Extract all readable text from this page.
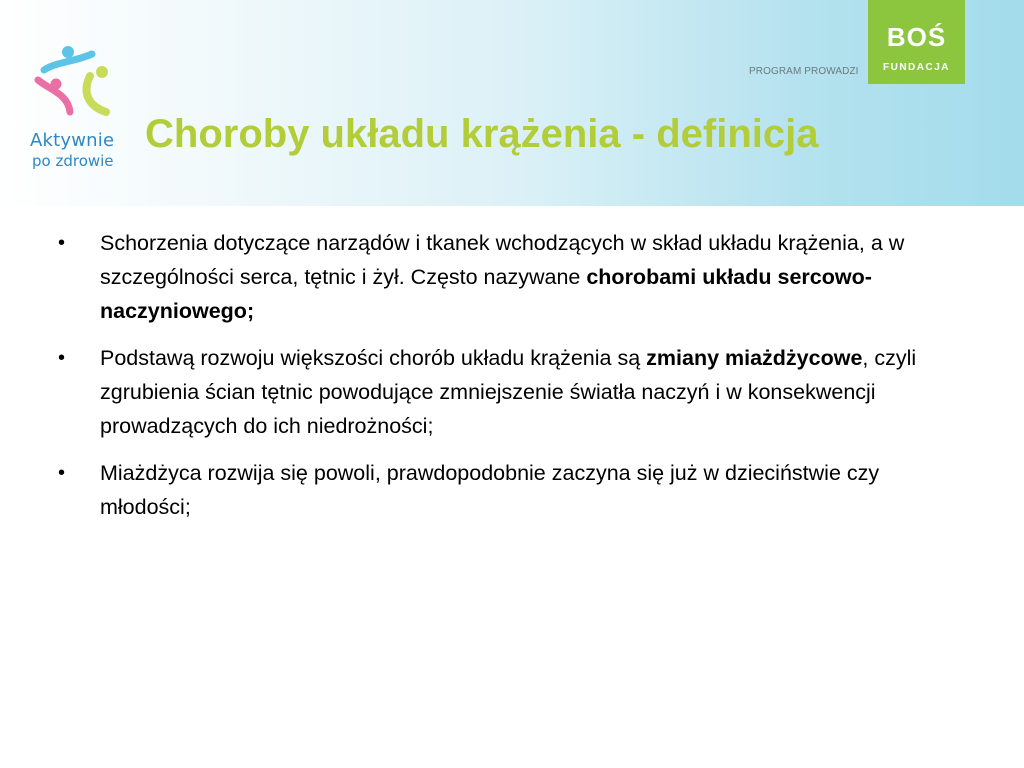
Aktywnie
po zdrowie
Choroby układu krążenia - definicja
PROGRAM PROWADZI
BOŚ
FUNDACJA
• Schorzenia dotyczące narządów i tkanek wchodzących w skład układu krążenia, a w szczególności serca, tętnic i żył. Często nazywane chorobami układu sercowo-naczyniowego;
• Podstawą rozwoju większości chorób układu krążenia są zmiany miażdżycowe, czyli zgrubienia ścian tętnic powodujące zmniejszenie światła naczyń i w konsekwencji prowadzących do ich niedrożności;
• Miażdżyca rozwija się powoli, prawdopodobnie zaczyna się już w dzieciństwie czy młodości;
